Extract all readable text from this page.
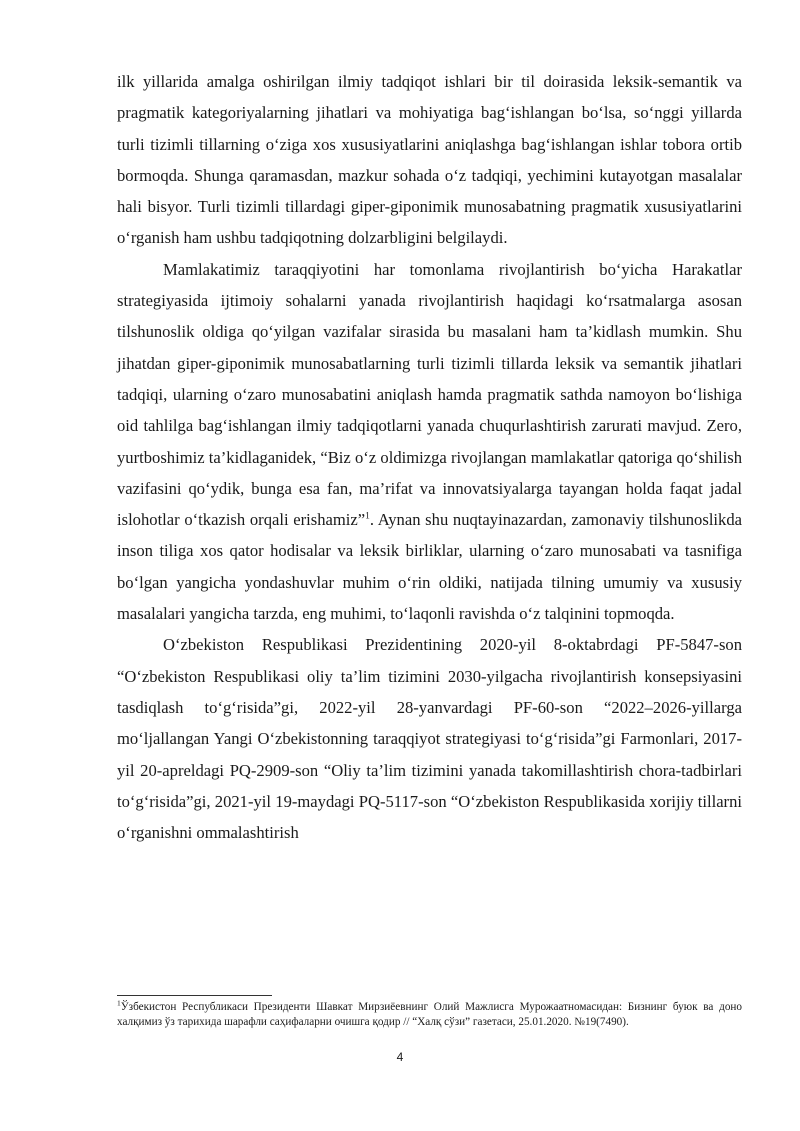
ilk yillarida amalga oshirilgan ilmiy tadqiqot ishlari bir til doirasida leksik-semantik va pragmatik kategoriyalarning jihatlari va mohiyatiga bag‘ishlangan bo‘lsa, so‘nggi yillarda turli tizimli tillarning o‘ziga xos xususiyatlarini aniqlashga bag‘ishlangan ishlar tobora ortib bormoqda. Shunga qaramasdan, mazkur sohada o‘z tadqiqi, yechimini kutayotgan masalalar hali bisyor. Turli tizimli tillardagi giper-giponimik munosabatning pragmatik xususiyatlarini o‘rganish ham ushbu tadqiqotning dolzarbligini belgilaydi.

Mamlakatimiz taraqqiyotini har tomonlama rivojlantirish bo‘yicha Harakatlar strategiyasida ijtimoiy sohalarni yanada rivojlantirish haqidagi ko‘rsatmalarga asosan tilshunoslik oldiga qo‘yilgan vazifalar sirasida bu masalani ham ta’kidlash mumkin. Shu jihatdan giper-giponimik munosabatlarning turli tizimli tillarda leksik va semantik jihatlari tadqiqi, ularning o‘zaro munosabatini aniqlash hamda pragmatik sathda namoyon bo‘lishiga oid tahlilga bag‘ishlangan ilmiy tadqiqotlarni yanada chuqurlashtirish zarurati mavjud. Zero, yurtboshimiz ta’kidlaganidek, “Biz o‘z oldimizga rivojlangan mamlakatlar qatoriga qo‘shilish vazifasini qo‘ydik, bunga esa fan, ma’rifat va innovatsiyalarga tayangan holda faqat jadal islohotlar o‘tkazish orqali erishamiz”$^1$. Aynan shu nuqtayinazardan, zamonaviy tilshunoslikda inson tiliga xos qator hodisalar va leksik birliklar, ularning o‘zaro munosabati va tasnifiga bo‘lgan yangicha yondashuvlar muhim o‘rin oldiki, natijada tilning umumiy va xususiy masalalari yangicha tarzda, eng muhimi, to‘laqonli ravishda o‘z talqinini topmoqda.

O‘zbekiston Respublikasi Prezidentining 2020-yil 8-oktabrdagi PF-5847-son “O‘zbekiston Respublikasi oliy ta’lim tizimini 2030-yilgacha rivojlantirish konsepsiyasini tasdiqlash to‘g‘risida”gi, 2022-yil 28-yanvardagi PF-60-son “2022–2026-yillarga mo‘ljallangan Yangi O‘zbekistonning taraqqiyot strategiyasi to‘g‘risida”gi Farmonlari, 2017-yil 20-apreldagi PQ-2909-son “Oliy ta’lim tizimini yanada takomillashtirish chora-tadbirlari to‘g‘risida”gi, 2021-yil 19-maydagi PQ-5117-son “O‘zbekiston Respublikasida xorijiy tillarni o‘rganishni ommalashtirish

$^1$Ўзбекистон Республикаси Президенти Шавкат Мирзиёевнинг Олий Мажлисга Мурожаатномасидан: Бизнинг буюк ва доно халқимиз ўз тарихида шарафли саҳифаларни очишга қодир // “Халқ сўзи” газетаси, 25.01.2020. №19(7490).
4
